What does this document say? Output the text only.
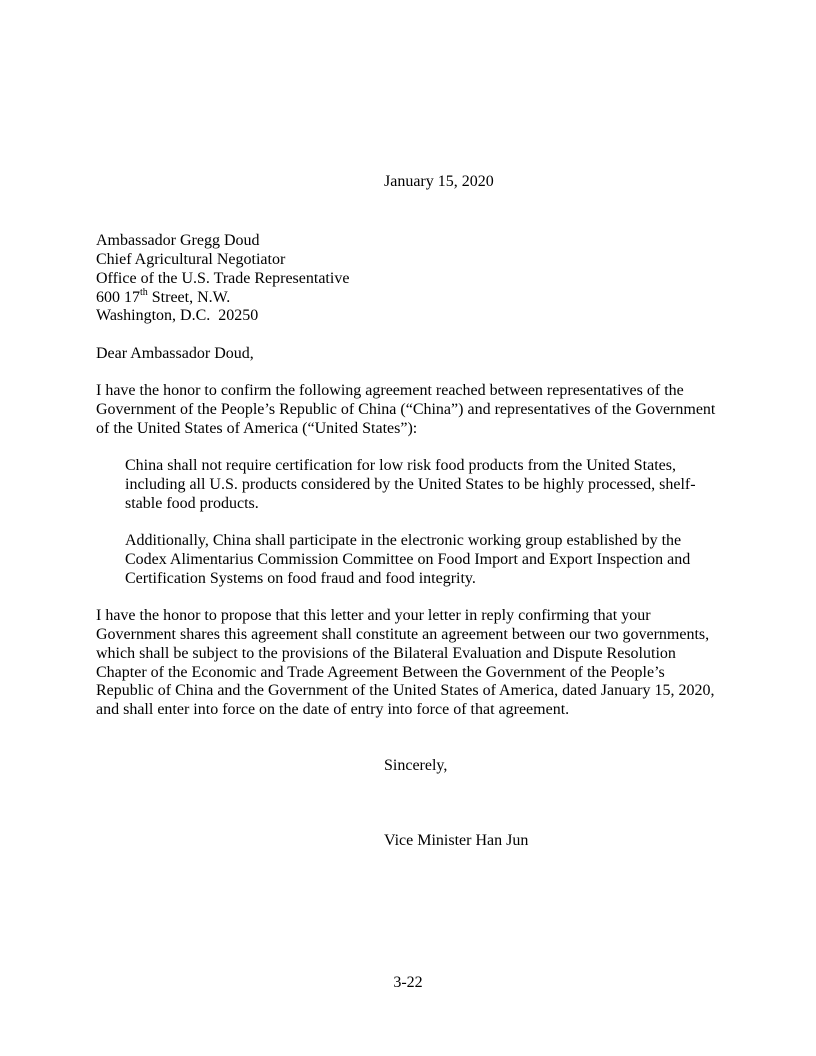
January 15, 2020
Ambassador Gregg Doud
Chief Agricultural Negotiator
Office of the U.S. Trade Representative
600 17th Street, N.W.
Washington, D.C.  20250
Dear Ambassador Doud,
I have the honor to confirm the following agreement reached between representatives of the
Government of the People’s Republic of China (“China”) and representatives of the Government
of the United States of America (“United States”):
China shall not require certification for low risk food products from the United States,
including all U.S. products considered by the United States to be highly processed, shelf-
stable food products.
Additionally, China shall participate in the electronic working group established by the
Codex Alimentarius Commission Committee on Food Import and Export Inspection and
Certification Systems on food fraud and food integrity.
I have the honor to propose that this letter and your letter in reply confirming that your
Government shares this agreement shall constitute an agreement between our two governments,
which shall be subject to the provisions of the Bilateral Evaluation and Dispute Resolution
Chapter of the Economic and Trade Agreement Between the Government of the People’s
Republic of China and the Government of the United States of America, dated January 15, 2020,
and shall enter into force on the date of entry into force of that agreement.
Sincerely,
Vice Minister Han Jun
3-22
